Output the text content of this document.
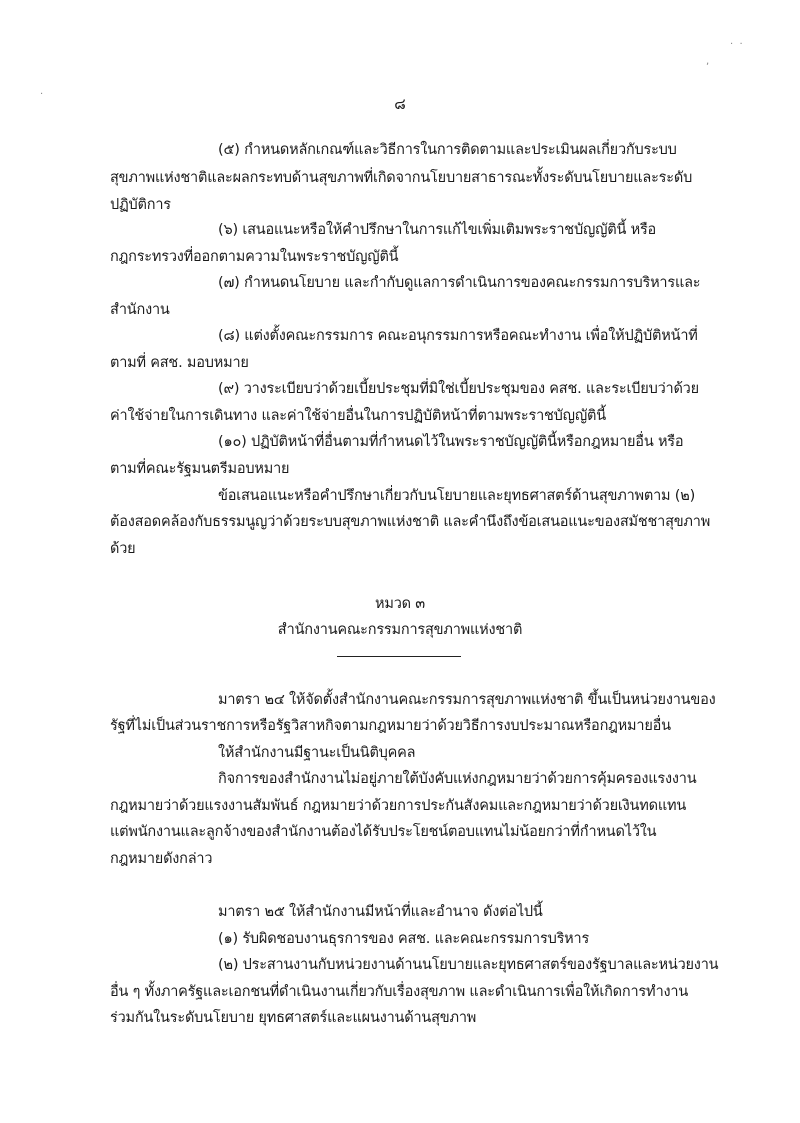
.  .
,
.
๘
(๕) กำหนดหลักเกณฑ์และวิธีการในการติดตามและประเมินผลเกี่ยวกับระบบ
สุขภาพแห่งชาติและผลกระทบด้านสุขภาพที่เกิดจากนโยบายสาธารณะทั้งระดับนโยบายและระดับ
ปฏิบัติการ
(๖) เสนอแนะหรือให้คำปรึกษาในการแก้ไขเพิ่มเติมพระราชบัญญัตินี้ หรือ
กฎกระทรวงที่ออกตามความในพระราชบัญญัตินี้
(๗) กำหนดนโยบาย และกำกับดูแลการดำเนินการของคณะกรรมการบริหารและ
สำนักงาน
(๘) แต่งตั้งคณะกรรมการ คณะอนุกรรมการหรือคณะทำงาน เพื่อให้ปฏิบัติหน้าที่
ตามที่ คสช. มอบหมาย
(๙) วางระเบียบว่าด้วยเบี้ยประชุมที่มิใช่เบี้ยประชุมของ คสช. และระเบียบว่าด้วย
ค่าใช้จ่ายในการเดินทาง และค่าใช้จ่ายอื่นในการปฏิบัติหน้าที่ตามพระราชบัญญัตินี้
(๑๐) ปฏิบัติหน้าที่อื่นตามที่กำหนดไว้ในพระราชบัญญัตินี้หรือกฎหมายอื่น หรือ
ตามที่คณะรัฐมนตรีมอบหมาย
ข้อเสนอแนะหรือคำปรึกษาเกี่ยวกับนโยบายและยุทธศาสตร์ด้านสุขภาพตาม (๒)
ต้องสอดคล้องกับธรรมนูญว่าด้วยระบบสุขภาพแห่งชาติ และคำนึงถึงข้อเสนอแนะของสมัชชาสุขภาพ
ด้วย
หมวด ๓
สำนักงานคณะกรรมการสุขภาพแห่งชาติ
มาตรา ๒๔ ให้จัดตั้งสำนักงานคณะกรรมการสุขภาพแห่งชาติ ขึ้นเป็นหน่วยงานของ
รัฐที่ไม่เป็นส่วนราชการหรือรัฐวิสาหกิจตามกฎหมายว่าด้วยวิธีการงบประมาณหรือกฎหมายอื่น
ให้สำนักงานมีฐานะเป็นนิติบุคคล
กิจการของสำนักงานไม่อยู่ภายใต้บังคับแห่งกฎหมายว่าด้วยการคุ้มครองแรงงาน
กฎหมายว่าด้วยแรงงานสัมพันธ์ กฎหมายว่าด้วยการประกันสังคมและกฎหมายว่าด้วยเงินทดแทน
แต่พนักงานและลูกจ้างของสำนักงานต้องได้รับประโยชน์ตอบแทนไม่น้อยกว่าที่กำหนดไว้ใน
กฎหมายดังกล่าว
มาตรา ๒๕ ให้สำนักงานมีหน้าที่และอำนาจ ดังต่อไปนี้
(๑) รับผิดชอบงานธุรการของ คสช. และคณะกรรมการบริหาร
(๒) ประสานงานกับหน่วยงานด้านนโยบายและยุทธศาสตร์ของรัฐบาลและหน่วยงาน
อื่น ๆ ทั้งภาครัฐและเอกชนที่ดำเนินงานเกี่ยวกับเรื่องสุขภาพ และดำเนินการเพื่อให้เกิดการทำงาน
ร่วมกันในระดับนโยบาย ยุทธศาสตร์และแผนงานด้านสุขภาพ
